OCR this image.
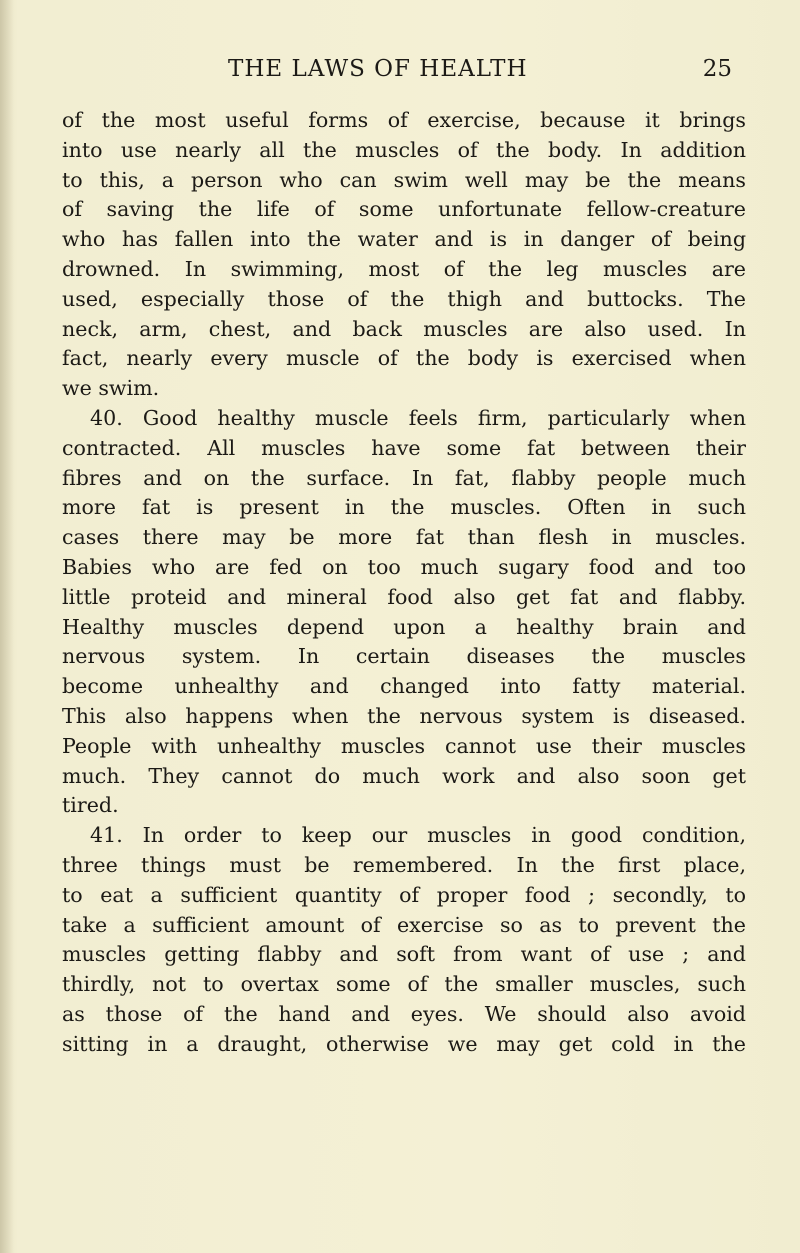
THE LAWS OF HEALTH	25
of the most useful forms of exercise, because it brings
into use nearly all the muscles of the body. In addition
to this, a person who can swim well may be the means
of saving the life of some unfortunate fellow-creature
who has fallen into the water and is in danger of being
drowned. In swimming, most of the leg muscles are
used, especially those of the thigh and buttocks. The
neck, arm, chest, and back muscles are also used. In
fact, nearly every muscle of the body is exercised when
we swim.
40. Good healthy muscle feels firm, particularly when
contracted. All muscles have some fat between their
fibres and on the surface. In fat, flabby people much
more fat is present in the muscles. Often in such
cases there may be more fat than flesh in muscles.
Babies who are fed on too much sugary food and too
little proteid and mineral food also get fat and flabby.
Healthy muscles depend upon a healthy brain and
nervous system. In certain diseases the muscles
become unhealthy and changed into fatty material.
This also happens when the nervous system is diseased.
People with unhealthy muscles cannot use their muscles
much. They cannot do much work and also soon get
tired.
41. In order to keep our muscles in good condition,
three things must be remembered. In the first place,
to eat a sufficient quantity of proper food ; secondly, to
take a sufficient amount of exercise so as to prevent the
muscles getting flabby and soft from want of use ; and
thirdly, not to overtax some of the smaller muscles, such
as those of the hand and eyes. We should also avoid
sitting in a draught, otherwise we may get cold in the
